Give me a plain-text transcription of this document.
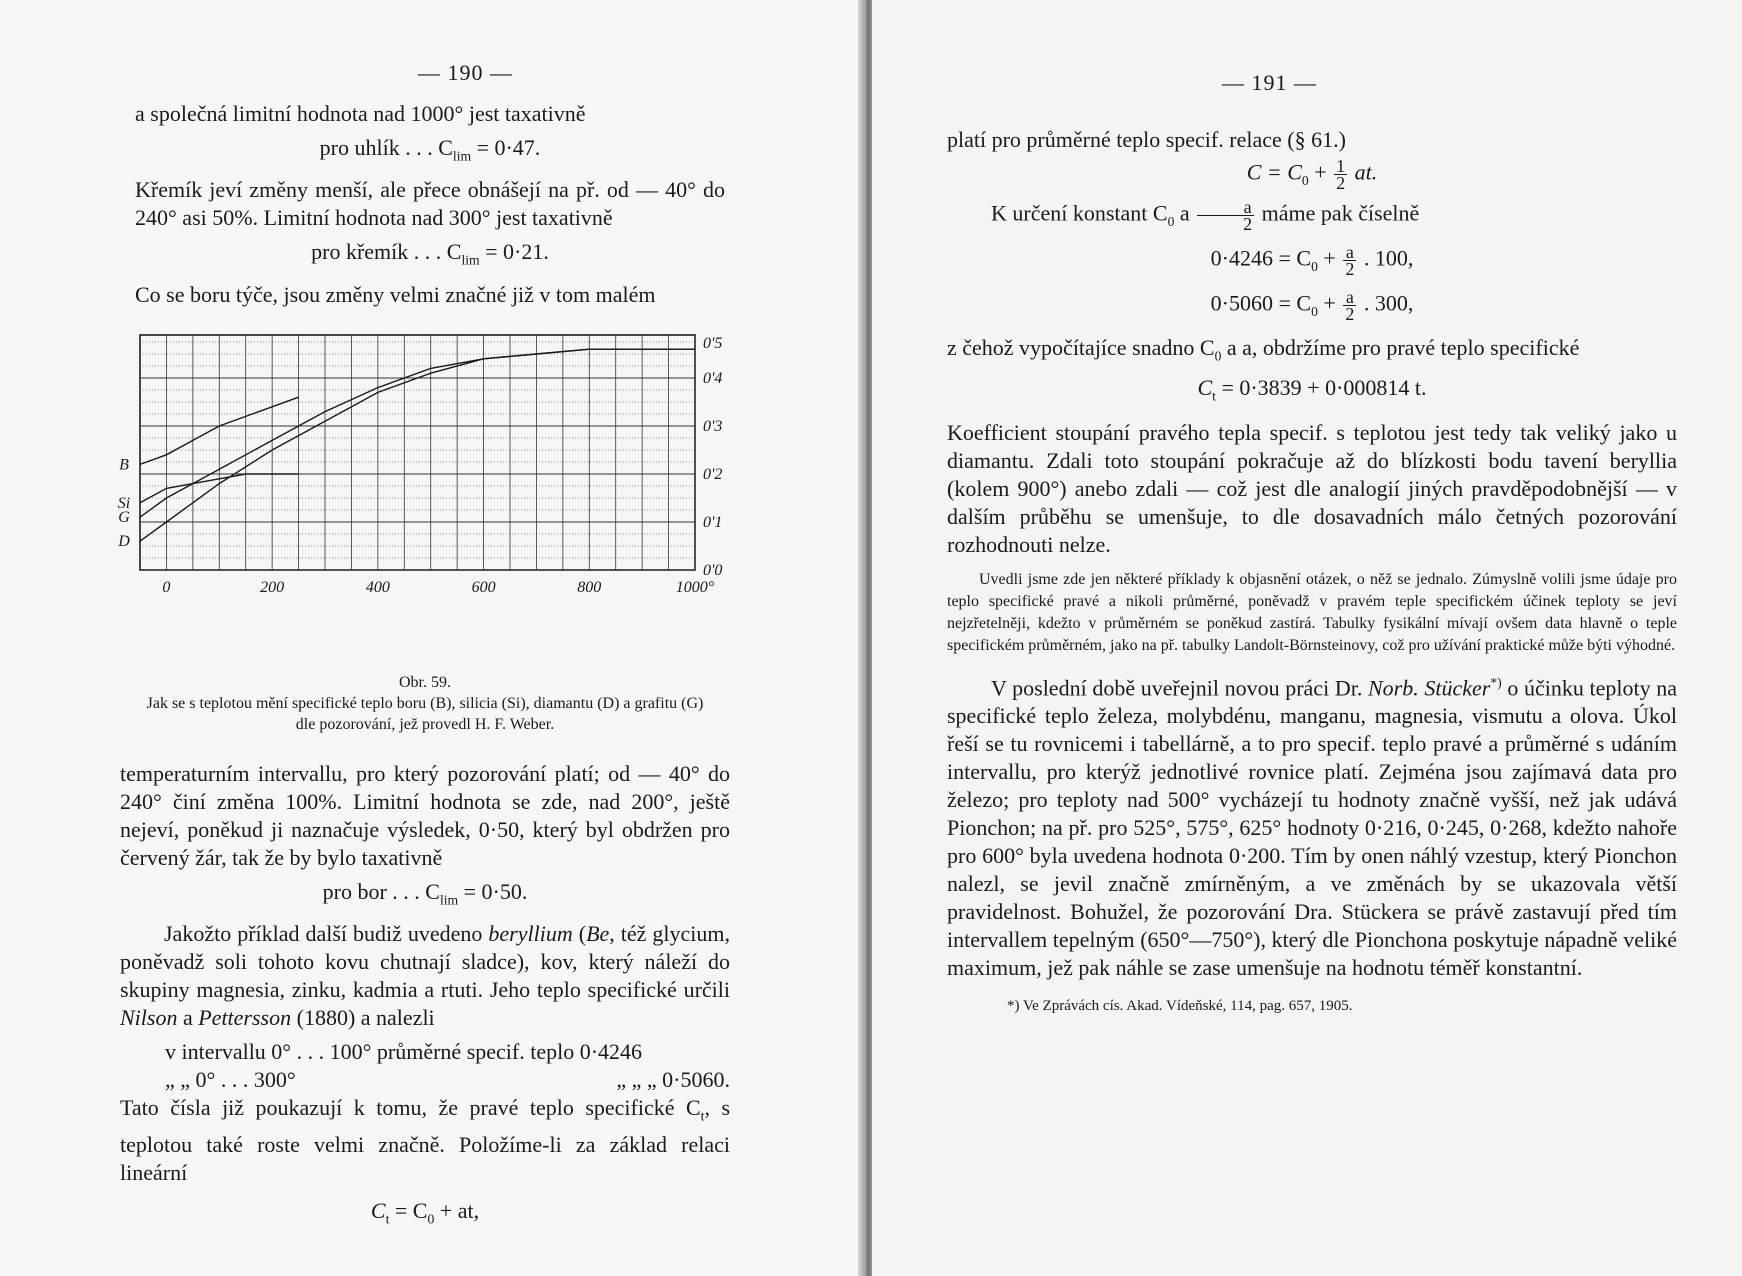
— 190 —

a společná limitní hodnota nad 1000° jest taxativně

pro uhlík . . . $C_{lim} = 0\cdot 47$.

Křemík jeví změny menší, ale přece obnášejí na př. od — 40° do 240° asi 50%. Limitní hodnota nad 300° jest taxativně

pro křemík . . . $C_{lim} = 0\cdot 21$.

Co se boru týče, jsou změny velmi značné již v tom malém

B
Si
G
D
0	200	400	600	800	1000°
0'0
0'1
0'2
0'3
0'4
0'5
Obr. 59.
Jak se s teplotou mění specifické teplo boru (B), silicia (Si), diamantu (D) a grafitu (G) dle pozorování, jež provedl H. F. Weber.

temperaturním intervallu, pro který pozorování platí; od — 40° do 240° činí změna 100%. Limitní hodnota se zde, nad 200°, ještě nejeví, poněkud ji naznačuje výsledek, 0·50, který byl obdržen pro červený žár, tak že by bylo taxativně

pro bor . . . $C_{lim} = 0\cdot 50$.

Jakožto příklad další budiž uvedeno beryllium (Be, též glycium, poněvadž soli tohoto kovu chutnají sladce), kov, který náleží do skupiny magnesia, zinku, kadmia a rtuti. Jeho teplo specifické určili Nilson a Pettersson (1880) a nalezli

v intervallu 0° . . . 100° průměrné specif. teplo 0·4246

„ „ 0° . . . 300°	„ „ „ 0·5060.

Tato čísla již poukazují k tomu, že pravé teplo specifické $C_t$, s teplotou také roste velmi značně. Položíme-li za základ relaci lineární

$C_t = C_0$ + at,

— 191 —

platí pro průměrné teplo specif. relace (§ 61.)

$C = C_0 + \frac{1}{2}$ at.

K určení konstant $C_0$ a $\frac{a}{2}$ máme pak číselně

$0\cdot 4246 = C_0 + \frac{a}{2}$ . 100,

$0\cdot 5060 = C_0 + \frac{a}{2}$ . 300,

z čehož vypočítajíce snadno $C_0$ a a, obdržíme pro pravé teplo specifické

$C_t = 0\cdot 3839 + 0\cdot 000814$ t.

Koefficient stoupání pravého tepla specif. s teplotou jest tedy tak veliký jako u diamantu. Zdali toto stoupání pokračuje až do blízkosti bodu tavení beryllia (kolem 900°) anebo zdali — což jest dle analogií jiných pravděpodobnější — v dalším průběhu se umenšuje, to dle dosavadních málo četných pozorování rozhodnouti nelze.

Uvedli jsme zde jen některé příklady k objasnění otázek, o něž se jednalo. Zúmyslně volili jsme údaje pro teplo specifické pravé a nikoli průměrné, poněvadž v pravém teple specifickém účinek teploty se jeví nejzřetelněji, kdežto v průměrném se poněkud zastírá. Tabulky fysikální mívají ovšem data hlavně o teple specifickém průměrném, jako na př. tabulky Landolt-Börnsteinovy, což pro užívání praktické může býti výhodné.

V poslední době uveřejnil novou práci Dr. Norb. Stücker*) o účinku teploty na specifické teplo železa, molybdénu, manganu, magnesia, vismutu a olova. Úkol řeší se tu rovnicemi i tabellárně, a to pro specif. teplo pravé a průměrné s udáním intervallu, pro kterýž jednotlivé rovnice platí. Zejména jsou zajímavá data pro železo; pro teploty nad 500° vycházejí tu hodnoty značně vyšší, než jak udává Pionchon; na př. pro 525°, 575°, 625° hodnoty 0·216, 0·245, 0·268, kdežto nahoře pro 600° byla uvedena hodnota 0·200. Tím by onen náhlý vzestup, který Pionchon nalezl, se jevil značně zmírněným, a ve změnách by se ukazovala větší pravidelnost. Bohužel, že pozorování Dra. Stückera se právě zastavují před tím intervallem tepelným (650°—750°), který dle Pionchona poskytuje nápadně veliké maximum, jež pak náhle se zase umenšuje na hodnotu téměř konstantní.

*) Ve Zprávách cís. Akad. Vídeňské, 114, pag. 657, 1905.
